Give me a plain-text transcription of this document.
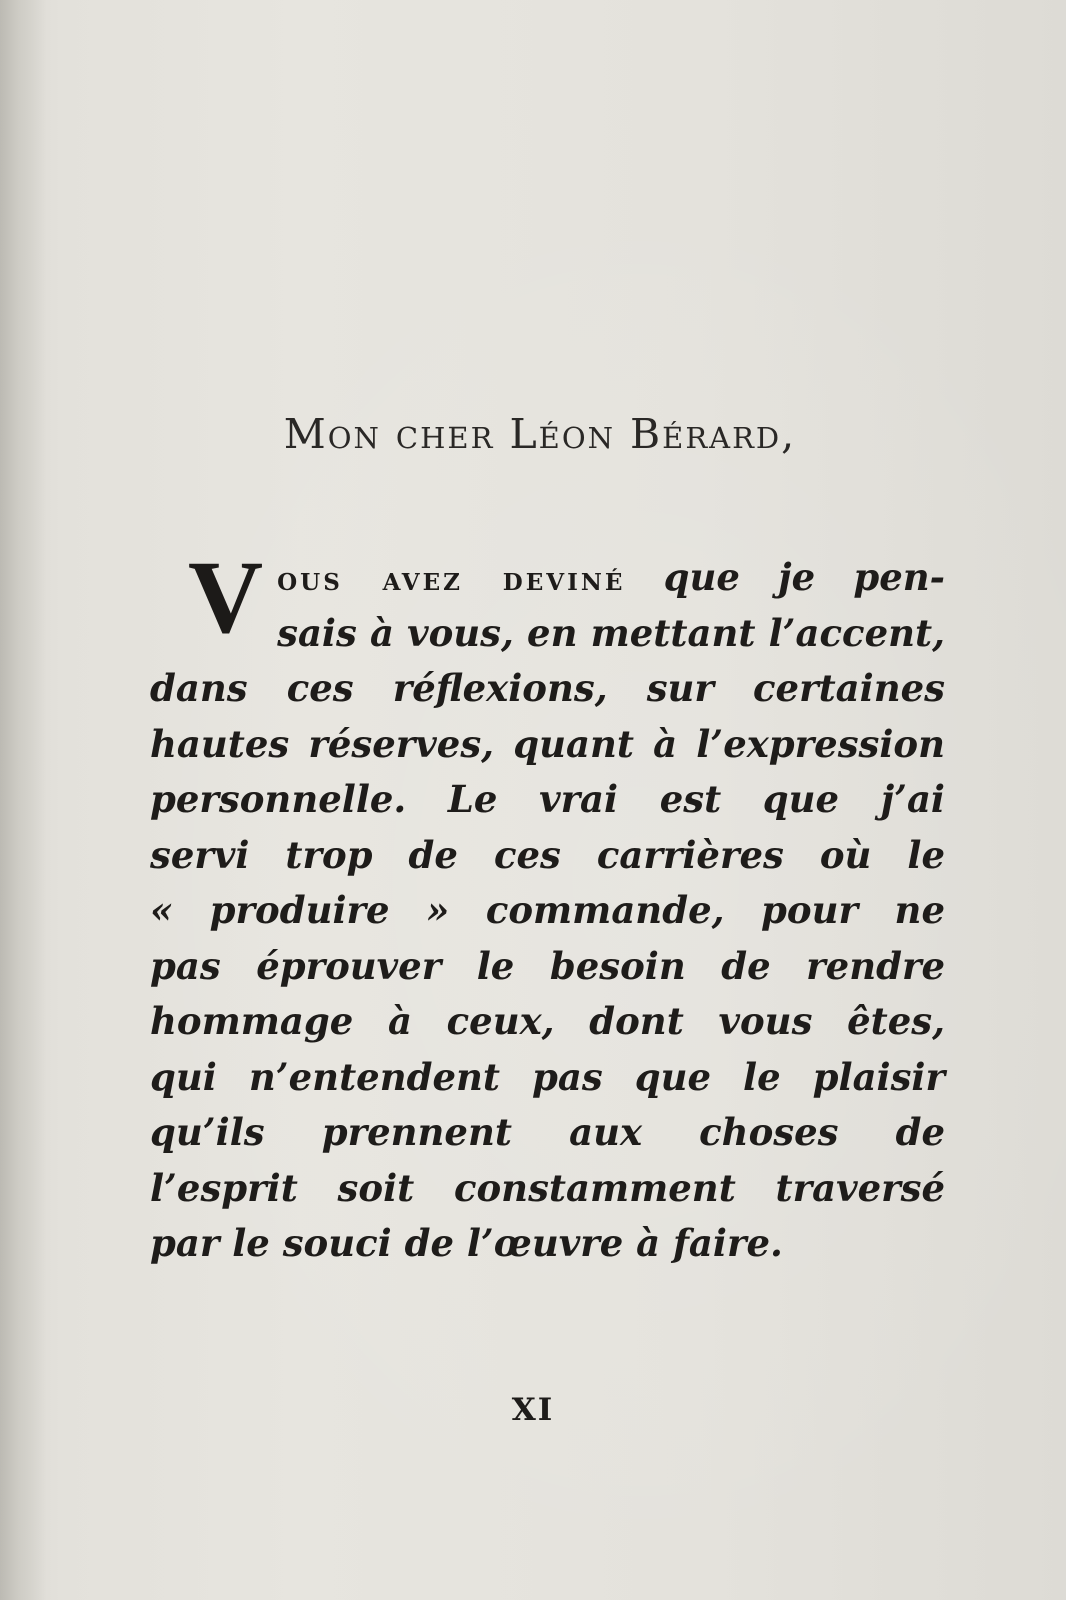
Mon cher Léon Bérard,
V ous avez deviné que je pen-
sais à vous, en mettant l’accent,
dans ces réflexions, sur certaines
hautes réserves, quant à l’expression
personnelle. Le vrai est que j’ai
servi trop de ces carrières où le
« produire » commande, pour ne
pas éprouver le besoin de rendre
hommage à ceux, dont vous êtes,
qui n’entendent pas que le plaisir
qu’ils prennent aux choses de
l’esprit soit constamment traversé
par le souci de l’œuvre à faire.
XI
